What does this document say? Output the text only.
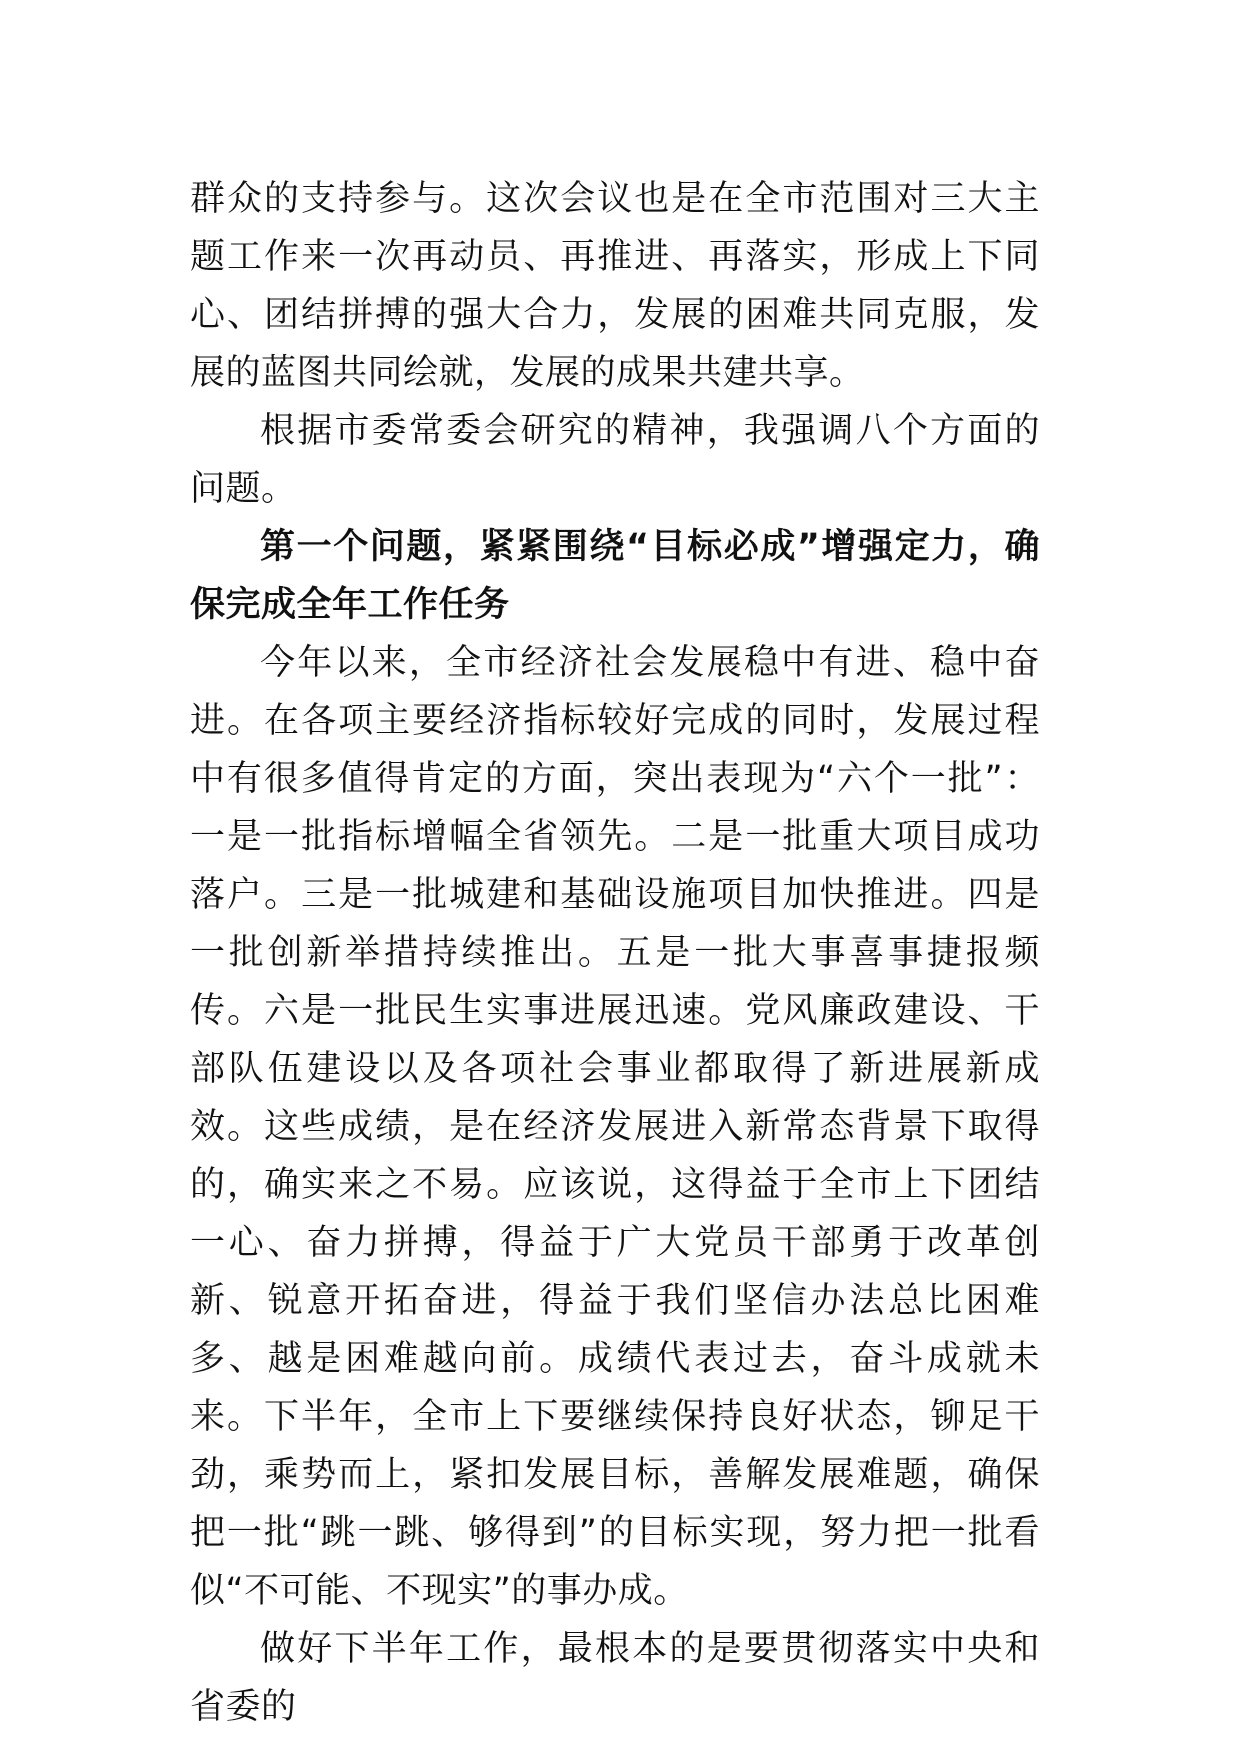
群众的支持参与。这次会议也是在全市范围对三大主题工作来一次再动员、再推进、再落实，形成上下同心、团结拼搏的强大合力，发展的困难共同克服，发展的蓝图共同绘就，发展的成果共建共享。

根据市委常委会研究的精神，我强调八个方面的问题。

第一个问题，紧紧围绕“目标必成”增强定力，确保完成全年工作任务

今年以来，全市经济社会发展稳中有进、稳中奋进。在各项主要经济指标较好完成的同时，发展过程中有很多值得肯定的方面，突出表现为“六个一批”：一是一批指标增幅全省领先。二是一批重大项目成功落户。三是一批城建和基础设施项目加快推进。四是一批创新举措持续推出。五是一批大事喜事捷报频传。六是一批民生实事进展迅速。党风廉政建设、干部队伍建设以及各项社会事业都取得了新进展新成效。这些成绩，是在经济发展进入新常态背景下取得的，确实来之不易。应该说，这得益于全市上下团结一心、奋力拼搏，得益于广大党员干部勇于改革创新、锐意开拓奋进，得益于我们坚信办法总比困难多、越是困难越向前。成绩代表过去，奋斗成就未来。下半年，全市上下要继续保持良好状态，铆足干劲，乘势而上，紧扣发展目标，善解发展难题，确保把一批“跳一跳、够得到”的目标实现，努力把一批看似“不可能、不现实”的事办成。

做好下半年工作，最根本的是要贯彻落实中央和省委的
